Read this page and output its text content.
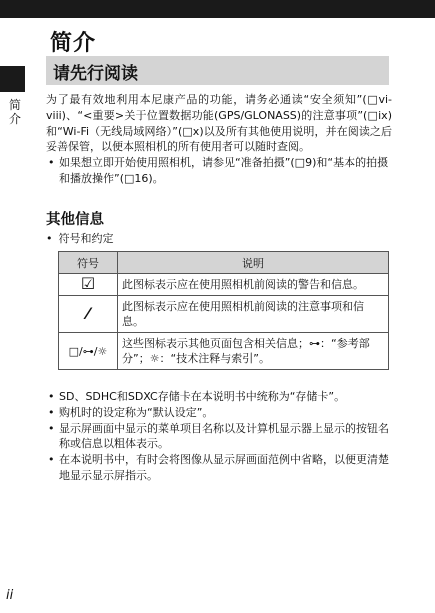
简介
简介
请先行阅读

为了最有效地利用本尼康产品的功能，请务必通读“安全须知”(□vi-viii)、“<重要>关于位置数据功能(GPS/GLONASS)的注意事项”(□ix)和“Wi-Fi（无线局域网络）”(□x)以及所有其他使用说明，并在阅读之后妥善保管，以便本照相机的所有使用者可以随时查阅。

• 如果想立即开始使用照相机，请参见“准备拍摄”(□9)和“基本的拍摄和播放操作”(□16)。

其他信息
• 符号和约定
符号	说明
☑	此图标表示应在使用照相机前阅读的警告和信息。
⁄	此图标表示应在使用照相机前阅读的注意事项和信息。
□/⊶/☼	这些图标表示其他页面包含相关信息；⊶：“参考部分”；☼：“技术注释与索引”。

• SD、SDHC和SDXC存储卡在本说明书中统称为“存储卡”。

• 购机时的设定称为“默认设定”。

• 显示屏画面中显示的菜单项目名称以及计算机显示器上显示的按钮名称或信息以粗体表示。

• 在本说明书中，有时会将图像从显示屏画面范例中省略，以便更清楚地显示显示屏指示。

ii
